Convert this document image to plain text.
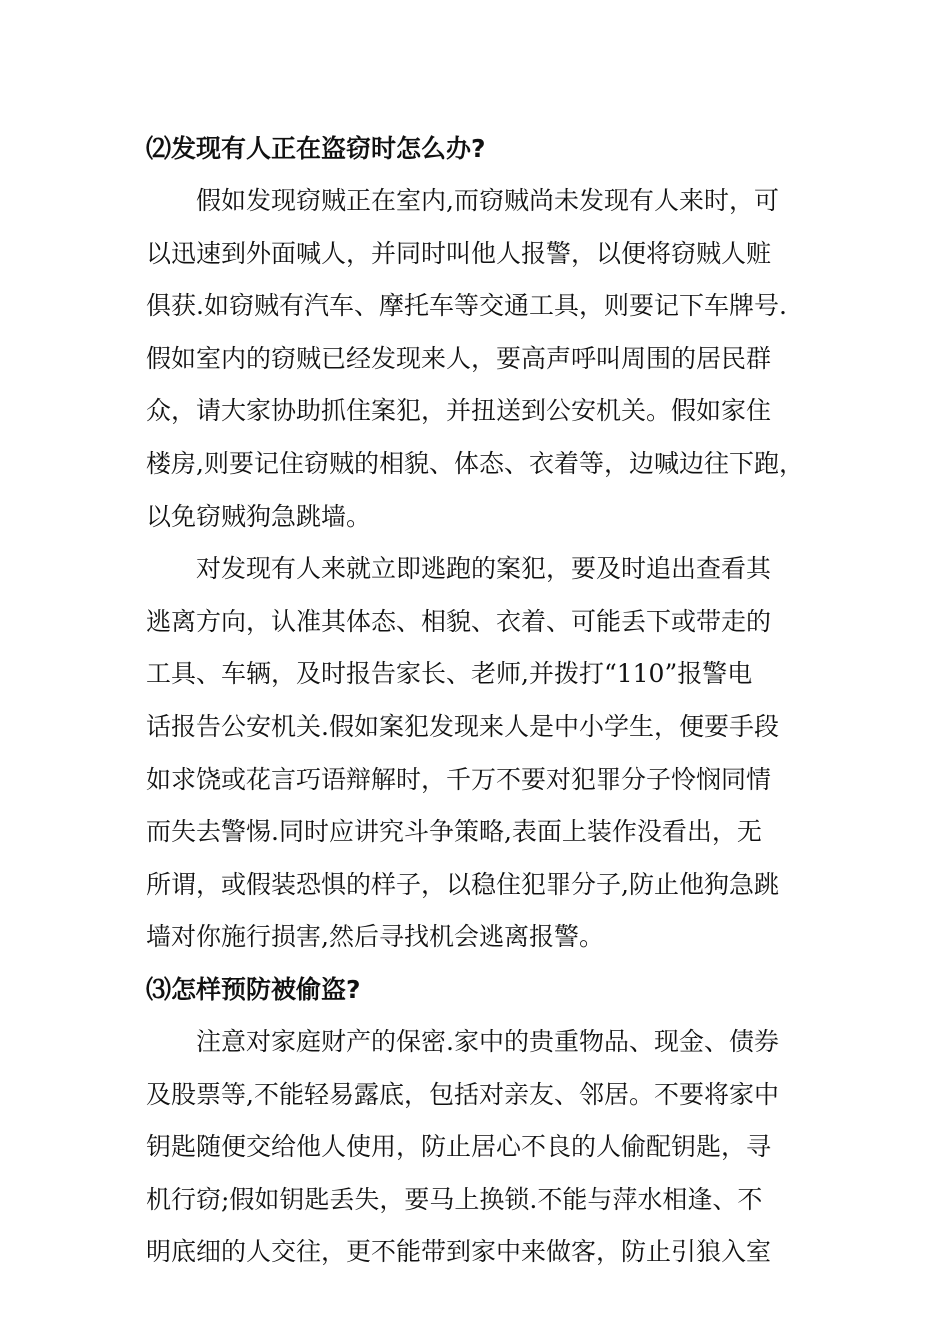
⑵发现有人正在盗窃时怎么办?
假如发现窃贼正在室内,而窃贼尚未发现有人来时，可
以迅速到外面喊人，并同时叫他人报警，以便将窃贼人赃
俱获.如窃贼有汽车、摩托车等交通工具，则要记下车牌号.
假如室内的窃贼已经发现来人，要高声呼叫周围的居民群
众，请大家协助抓住案犯，并扭送到公安机关。假如家住
楼房,则要记住窃贼的相貌、体态、衣着等，边喊边往下跑，
以免窃贼狗急跳墙。
对发现有人来就立即逃跑的案犯，要及时追出查看其
逃离方向，认准其体态、相貌、衣着、可能丢下或带走的
工具、车辆，及时报告家长、老师,并拨打“110”报警电
话报告公安机关.假如案犯发现来人是中小学生，便要手段
如求饶或花言巧语辩解时，千万不要对犯罪分子怜悯同情
而失去警惕.同时应讲究斗争策略,表面上装作没看出，无
所谓，或假装恐惧的样子，以稳住犯罪分子,防止他狗急跳
墙对你施行损害,然后寻找机会逃离报警。
⑶怎样预防被偷盗?
注意对家庭财产的保密.家中的贵重物品、现金、债券
及股票等,不能轻易露底，包括对亲友、邻居。不要将家中
钥匙随便交给他人使用，防止居心不良的人偷配钥匙，寻
机行窃;假如钥匙丢失，要马上换锁.不能与萍水相逢、不
明底细的人交往，更不能带到家中来做客，防止引狼入室
